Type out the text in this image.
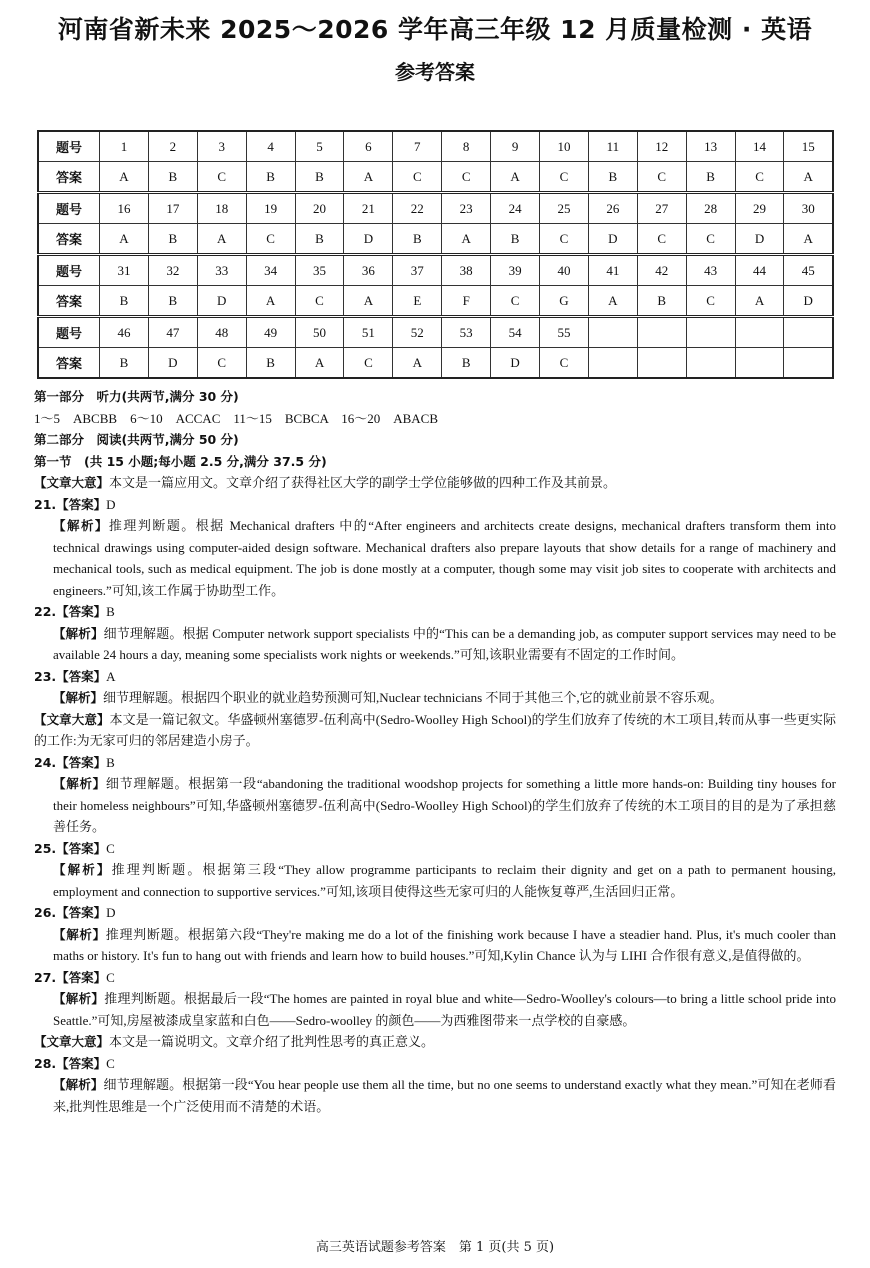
河南省新未来 2025～2026 学年高三年级 12 月质量检测 · 英语
参考答案
题号	1	2	3	4	5	6	7	8	9	10	11	12	13	14	15
答案	A	B	C	B	B	A	C	C	A	C	B	C	B	C	A
题号	16	17	18	19	20	21	22	23	24	25	26	27	28	29	30
答案	A	B	A	C	B	D	B	A	B	C	D	C	C	D	A
题号	31	32	33	34	35	36	37	38	39	40	41	42	43	44	45
答案	B	B	D	A	C	A	E	F	C	G	A	B	C	A	D
题号	46	47	48	49	50	51	52	53	54	55					
答案	B	D	C	B	A	C	A	B	D	C					
第一部分　听力(共两节,满分 30 分)
1～5　ABCBB　6～10　ACCAC　11～15　BCBCA　16～20　ABACB
第二部分　阅读(共两节,满分 50 分)
第一节　(共 15 小题;每小题 2.5 分,满分 37.5 分)
【文章大意】本文是一篇应用文。文章介绍了获得社区大学的副学士学位能够做的四种工作及其前景。
21.【答案】D
【解析】推理判断题。根据 Mechanical drafters 中的“After engineers and architects create designs, mechanical drafters transform them into technical drawings using computer-aided design software. Mechanical drafters also prepare layouts that show details for a range of machinery and mechanical tools, such as medical equipment. The job is done mostly at a computer, though some may visit job sites to cooperate with architects and engineers.”可知,该工作属于协助型工作。
22.【答案】B
【解析】细节理解题。根据 Computer network support specialists 中的“This can be a demanding job, as computer support services may need to be available 24 hours a day, meaning some specialists work nights or weekends.”可知,该职业需要有不固定的工作时间。
23.【答案】A
【解析】细节理解题。根据四个职业的就业趋势预测可知,Nuclear technicians 不同于其他三个,它的就业前景不容乐观。
【文章大意】本文是一篇记叙文。华盛顿州塞德罗-伍利高中(Sedro-Woolley High School)的学生们放弃了传统的木工项目,转而从事一些更实际的工作:为无家可归的邻居建造小房子。
24.【答案】B
【解析】细节理解题。根据第一段“abandoning the traditional woodshop projects for something a little more hands-on: Building tiny houses for their homeless neighbours”可知,华盛顿州塞德罗-伍利高中(Sedro-Woolley High School)的学生们放弃了传统的木工项目的目的是为了承担慈善任务。
25.【答案】C
【解析】推理判断题。根据第三段“They allow programme participants to reclaim their dignity and get on a path to permanent housing, employment and connection to supportive services.”可知,该项目使得这些无家可归的人能恢复尊严,生活回归正常。
26.【答案】D
【解析】推理判断题。根据第六段“They're making me do a lot of the finishing work because I have a steadier hand. Plus, it's much cooler than maths or history. It's fun to hang out with friends and learn how to build houses.”可知,Kylin Chance 认为与 LIHI 合作很有意义,是值得做的。
27.【答案】C
【解析】推理判断题。根据最后一段“The homes are painted in royal blue and white—Sedro-Woolley's colours—to bring a little school pride into Seattle.”可知,房屋被漆成皇家蓝和白色——Sedro-woolley 的颜色——为西雅图带来一点学校的自豪感。
【文章大意】本文是一篇说明文。文章介绍了批判性思考的真正意义。
28.【答案】C
【解析】细节理解题。根据第一段“You hear people use them all the time, but no one seems to understand exactly what they mean.”可知在老师看来,批判性思维是一个广泛使用而不清楚的术语。
高三英语试题参考答案　第 1 页(共 5 页)
